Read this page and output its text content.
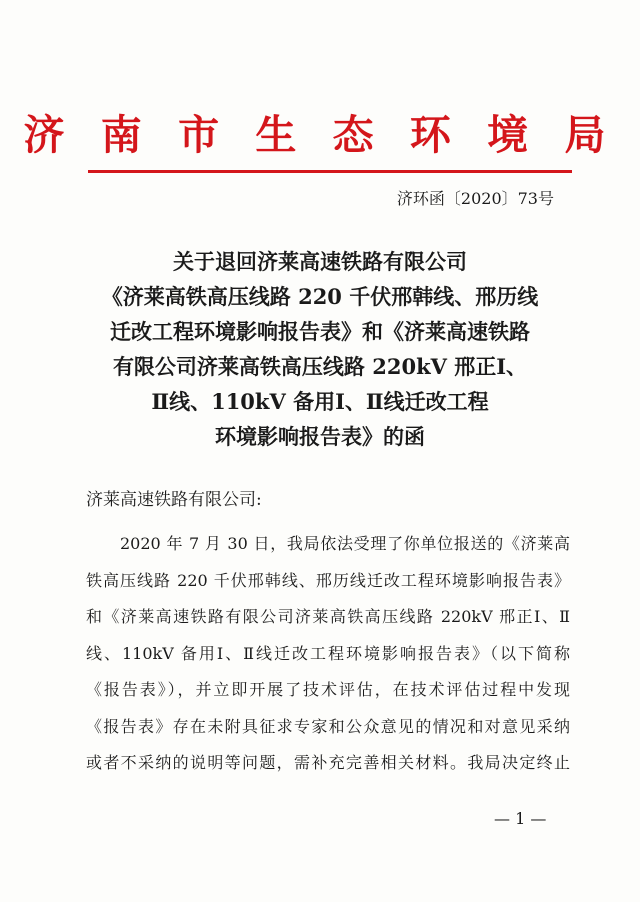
济 南 市 生 态 环 境 局
济环函〔2020〕73号
关于退回济莱高速铁路有限公司
《济莱高铁高压线路 220 千伏邢韩线、邢历线
迁改工程环境影响报告表》和《济莱高速铁路
有限公司济莱高铁高压线路 220kV 邢正Ⅰ、
Ⅱ线、110kV 备用Ⅰ、Ⅱ线迁改工程
环境影响报告表》的函
济莱高速铁路有限公司:
2020 年 7 月 30 日，我局依法受理了你单位报送的《济莱高
铁高压线路 220 千伏邢韩线、邢历线迁改工程环境影响报告表》
和《济莱高速铁路有限公司济莱高铁高压线路 220kV 邢正Ⅰ、Ⅱ
线、110kV 备用Ⅰ、Ⅱ线迁改工程环境影响报告表》（以下简称
《报告表》），并立即开展了技术评估，在技术评估过程中发现
《报告表》存在未附具征求专家和公众意见的情况和对意见采纳
或者不采纳的说明等问题，需补充完善相关材料。我局决定终止
— 1 —
